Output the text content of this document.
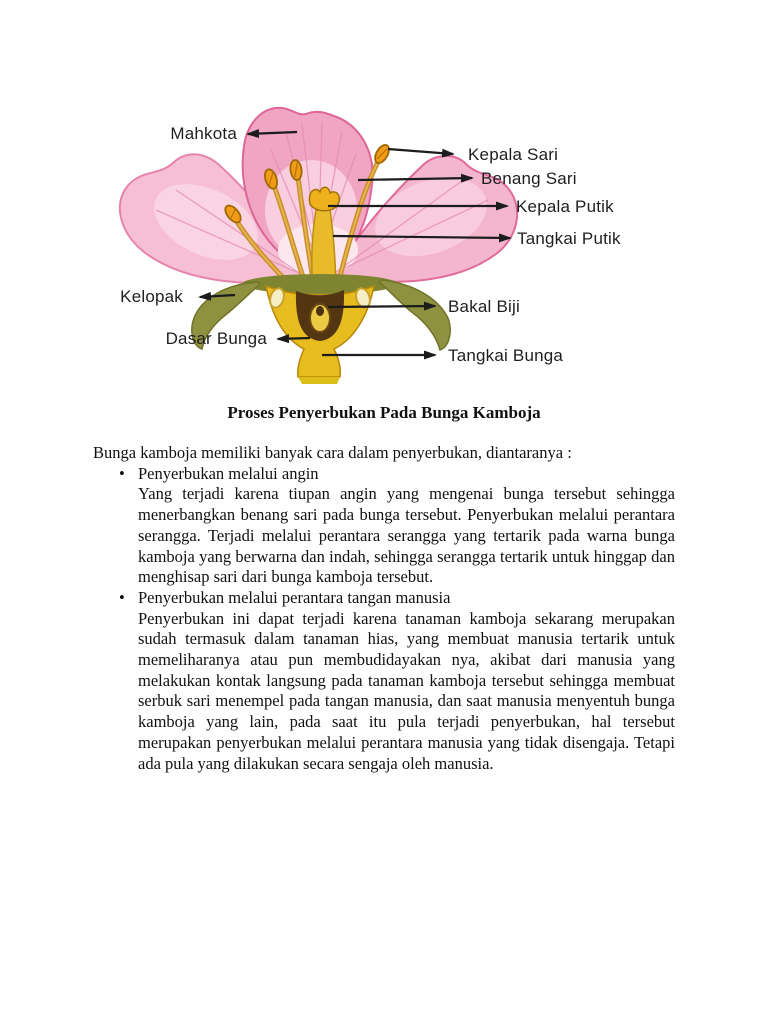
Mahkota
Kepala Sari
Benang Sari
Kepala Putik
Tangkai Putik
Kelopak
Bakal Biji
Dasar Bunga
Tangkai Bunga
Proses Penyerbukan Pada Bunga Kamboja

Bunga kamboja memiliki banyak cara dalam penyerbukan, diantaranya :

• Penyerbukan melalui angin

Yang terjadi karena tiupan angin yang mengenai bunga tersebut sehingga menerbangkan benang sari pada bunga tersebut. Penyerbukan melalui perantara serangga. Terjadi melalui perantara serangga yang tertarik pada warna bunga kamboja yang berwarna dan indah, sehingga serangga tertarik untuk hinggap dan menghisap sari dari bunga kamboja tersebut.

• Penyerbukan melalui perantara tangan manusia

Penyerbukan ini dapat terjadi karena tanaman kamboja sekarang merupakan sudah termasuk dalam tanaman hias, yang membuat manusia tertarik untuk memeliharanya atau pun membudidayakan nya, akibat dari manusia yang melakukan kontak langsung pada tanaman kamboja tersebut sehingga membuat serbuk sari menempel pada tangan manusia, dan saat manusia menyentuh bunga kamboja yang lain, pada saat itu pula terjadi penyerbukan, hal tersebut merupakan penyerbukan melalui perantara manusia yang tidak disengaja. Tetapi ada pula yang dilakukan secara sengaja oleh manusia.
